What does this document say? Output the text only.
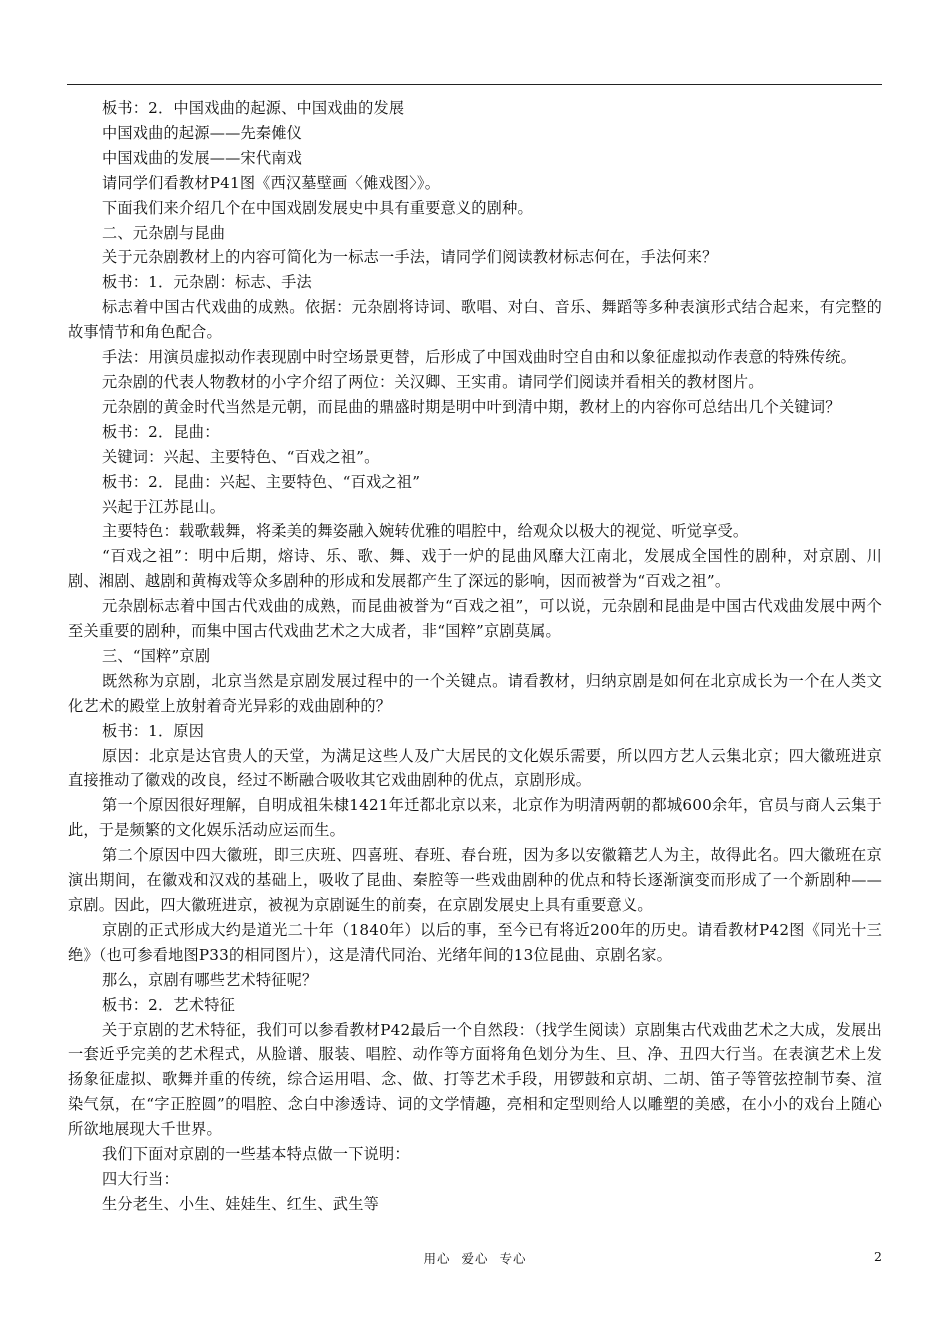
板书：2．中国戏曲的起源、中国戏曲的发展

中国戏曲的起源——先秦傩仪

中国戏曲的发展——宋代南戏

请同学们看教材P41图《西汉墓壁画〈傩戏图〉》。

下面我们来介绍几个在中国戏剧发展史中具有重要意义的剧种。

二、元杂剧与昆曲

关于元杂剧教材上的内容可简化为一标志一手法，请同学们阅读教材标志何在，手法何来？

板书：1．元杂剧：标志、手法

标志着中国古代戏曲的成熟。依据：元杂剧将诗词、歌唱、对白、音乐、舞蹈等多种表演形式结合起来，有完整的故事情节和角色配合。

手法：用演员虚拟动作表现剧中时空场景更替，后形成了中国戏曲时空自由和以象征虚拟动作表意的特殊传统。

元杂剧的代表人物教材的小字介绍了两位：关汉卿、王实甫。请同学们阅读并看相关的教材图片。

元杂剧的黄金时代当然是元朝，而昆曲的鼎盛时期是明中叶到清中期，教材上的内容你可总结出几个关键词？

板书：2．昆曲：

关键词：兴起、主要特色、“百戏之祖”。

板书：2．昆曲：兴起、主要特色、“百戏之祖”

兴起于江苏昆山。

主要特色：载歌载舞，将柔美的舞姿融入婉转优雅的唱腔中，给观众以极大的视觉、听觉享受。

“百戏之祖”：明中后期，熔诗、乐、歌、舞、戏于一炉的昆曲风靡大江南北，发展成全国性的剧种，对京剧、川剧、湘剧、越剧和黄梅戏等众多剧种的形成和发展都产生了深远的影响，因而被誉为“百戏之祖”。

元杂剧标志着中国古代戏曲的成熟，而昆曲被誉为“百戏之祖”，可以说，元杂剧和昆曲是中国古代戏曲发展中两个至关重要的剧种，而集中国古代戏曲艺术之大成者，非“国粹”京剧莫属。

三、“国粹”京剧

既然称为京剧，北京当然是京剧发展过程中的一个关键点。请看教材，归纳京剧是如何在北京成长为一个在人类文化艺术的殿堂上放射着奇光异彩的戏曲剧种的？

板书：1．原因

原因：北京是达官贵人的天堂，为满足这些人及广大居民的文化娱乐需要，所以四方艺人云集北京；四大徽班进京直接推动了徽戏的改良，经过不断融合吸收其它戏曲剧种的优点，京剧形成。

第一个原因很好理解，自明成祖朱棣1421年迁都北京以来，北京作为明清两朝的都城600余年，官员与商人云集于此，于是频繁的文化娱乐活动应运而生。

第二个原因中四大徽班，即三庆班、四喜班、春班、春台班，因为多以安徽籍艺人为主，故得此名。四大徽班在京演出期间，在徽戏和汉戏的基础上，吸收了昆曲、秦腔等一些戏曲剧种的优点和特长逐渐演变而形成了一个新剧种——京剧。因此，四大徽班进京，被视为京剧诞生的前奏，在京剧发展史上具有重要意义。

京剧的正式形成大约是道光二十年（1840年）以后的事，至今已有将近200年的历史。请看教材P42图《同光十三绝》（也可参看地图P33的相同图片），这是清代同治、光绪年间的13位昆曲、京剧名家。

那么，京剧有哪些艺术特征呢？

板书：2．艺术特征

关于京剧的艺术特征，我们可以参看教材P42最后一个自然段：（找学生阅读）京剧集古代戏曲艺术之大成，发展出一套近乎完美的艺术程式，从脸谱、服装、唱腔、动作等方面将角色划分为生、旦、净、丑四大行当。在表演艺术上发扬象征虚拟、歌舞并重的传统，综合运用唱、念、做、打等艺术手段，用锣鼓和京胡、二胡、笛子等管弦控制节奏、渲染气氛，在“字正腔圆”的唱腔、念白中渗透诗、词的文学情趣，亮相和定型则给人以雕塑的美感，在小小的戏台上随心所欲地展现大千世界。

我们下面对京剧的一些基本特点做一下说明：

四大行当：

生分老生、小生、娃娃生、红生、武生等

用心 爱心 专心	2
